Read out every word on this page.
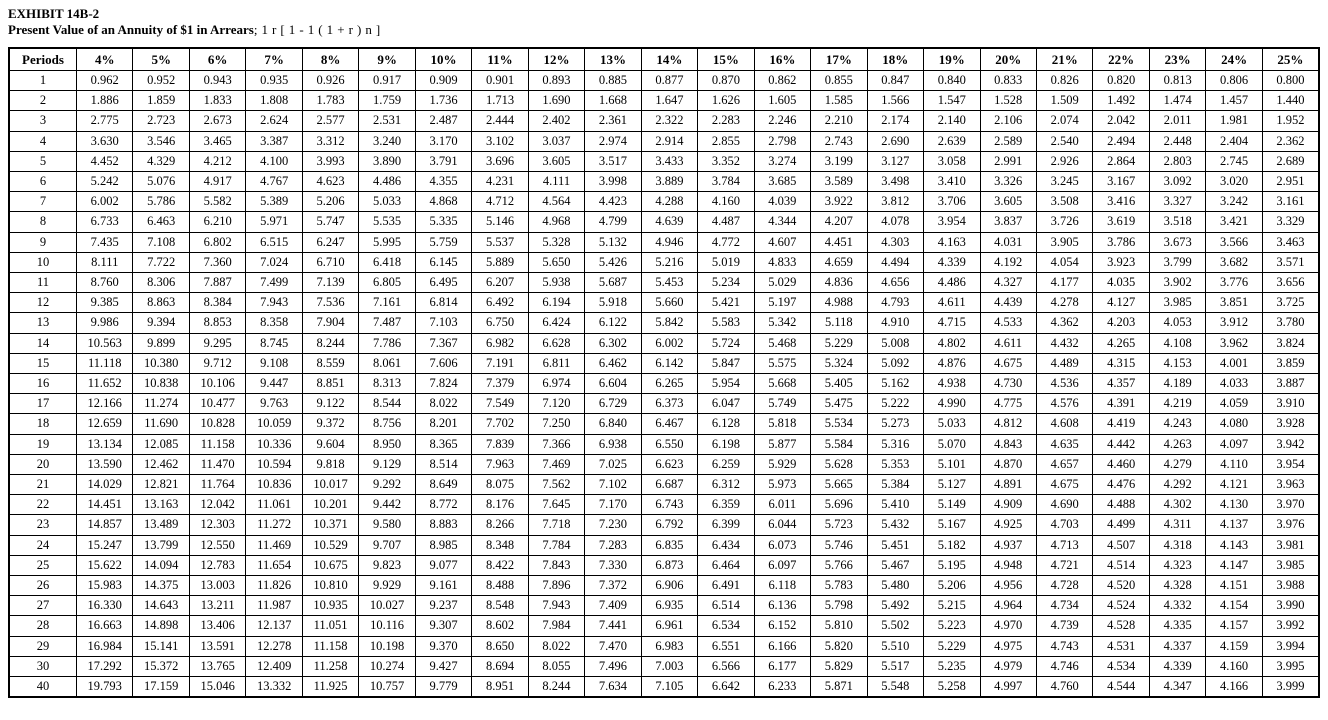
EXHIBIT 14B-2
Present Value of an Annuity of $1 in Arrears; 1 r [ 1 - 1 ( 1 + r ) n ]
Periods	4%	5%	6%	7%	8%	9%	10%	11%	12%	13%	14%	15%	16%	17%	18%	19%	20%	21%	22%	23%	24%	25%
1	0.962	0.952	0.943	0.935	0.926	0.917	0.909	0.901	0.893	0.885	0.877	0.870	0.862	0.855	0.847	0.840	0.833	0.826	0.820	0.813	0.806	0.800
2	1.886	1.859	1.833	1.808	1.783	1.759	1.736	1.713	1.690	1.668	1.647	1.626	1.605	1.585	1.566	1.547	1.528	1.509	1.492	1.474	1.457	1.440
3	2.775	2.723	2.673	2.624	2.577	2.531	2.487	2.444	2.402	2.361	2.322	2.283	2.246	2.210	2.174	2.140	2.106	2.074	2.042	2.011	1.981	1.952
4	3.630	3.546	3.465	3.387	3.312	3.240	3.170	3.102	3.037	2.974	2.914	2.855	2.798	2.743	2.690	2.639	2.589	2.540	2.494	2.448	2.404	2.362
5	4.452	4.329	4.212	4.100	3.993	3.890	3.791	3.696	3.605	3.517	3.433	3.352	3.274	3.199	3.127	3.058	2.991	2.926	2.864	2.803	2.745	2.689
6	5.242	5.076	4.917	4.767	4.623	4.486	4.355	4.231	4.111	3.998	3.889	3.784	3.685	3.589	3.498	3.410	3.326	3.245	3.167	3.092	3.020	2.951
7	6.002	5.786	5.582	5.389	5.206	5.033	4.868	4.712	4.564	4.423	4.288	4.160	4.039	3.922	3.812	3.706	3.605	3.508	3.416	3.327	3.242	3.161
8	6.733	6.463	6.210	5.971	5.747	5.535	5.335	5.146	4.968	4.799	4.639	4.487	4.344	4.207	4.078	3.954	3.837	3.726	3.619	3.518	3.421	3.329
9	7.435	7.108	6.802	6.515	6.247	5.995	5.759	5.537	5.328	5.132	4.946	4.772	4.607	4.451	4.303	4.163	4.031	3.905	3.786	3.673	3.566	3.463
10	8.111	7.722	7.360	7.024	6.710	6.418	6.145	5.889	5.650	5.426	5.216	5.019	4.833	4.659	4.494	4.339	4.192	4.054	3.923	3.799	3.682	3.571
11	8.760	8.306	7.887	7.499	7.139	6.805	6.495	6.207	5.938	5.687	5.453	5.234	5.029	4.836	4.656	4.486	4.327	4.177	4.035	3.902	3.776	3.656
12	9.385	8.863	8.384	7.943	7.536	7.161	6.814	6.492	6.194	5.918	5.660	5.421	5.197	4.988	4.793	4.611	4.439	4.278	4.127	3.985	3.851	3.725
13	9.986	9.394	8.853	8.358	7.904	7.487	7.103	6.750	6.424	6.122	5.842	5.583	5.342	5.118	4.910	4.715	4.533	4.362	4.203	4.053	3.912	3.780
14	10.563	9.899	9.295	8.745	8.244	7.786	7.367	6.982	6.628	6.302	6.002	5.724	5.468	5.229	5.008	4.802	4.611	4.432	4.265	4.108	3.962	3.824
15	11.118	10.380	9.712	9.108	8.559	8.061	7.606	7.191	6.811	6.462	6.142	5.847	5.575	5.324	5.092	4.876	4.675	4.489	4.315	4.153	4.001	3.859
16	11.652	10.838	10.106	9.447	8.851	8.313	7.824	7.379	6.974	6.604	6.265	5.954	5.668	5.405	5.162	4.938	4.730	4.536	4.357	4.189	4.033	3.887
17	12.166	11.274	10.477	9.763	9.122	8.544	8.022	7.549	7.120	6.729	6.373	6.047	5.749	5.475	5.222	4.990	4.775	4.576	4.391	4.219	4.059	3.910
18	12.659	11.690	10.828	10.059	9.372	8.756	8.201	7.702	7.250	6.840	6.467	6.128	5.818	5.534	5.273	5.033	4.812	4.608	4.419	4.243	4.080	3.928
19	13.134	12.085	11.158	10.336	9.604	8.950	8.365	7.839	7.366	6.938	6.550	6.198	5.877	5.584	5.316	5.070	4.843	4.635	4.442	4.263	4.097	3.942
20	13.590	12.462	11.470	10.594	9.818	9.129	8.514	7.963	7.469	7.025	6.623	6.259	5.929	5.628	5.353	5.101	4.870	4.657	4.460	4.279	4.110	3.954
21	14.029	12.821	11.764	10.836	10.017	9.292	8.649	8.075	7.562	7.102	6.687	6.312	5.973	5.665	5.384	5.127	4.891	4.675	4.476	4.292	4.121	3.963
22	14.451	13.163	12.042	11.061	10.201	9.442	8.772	8.176	7.645	7.170	6.743	6.359	6.011	5.696	5.410	5.149	4.909	4.690	4.488	4.302	4.130	3.970
23	14.857	13.489	12.303	11.272	10.371	9.580	8.883	8.266	7.718	7.230	6.792	6.399	6.044	5.723	5.432	5.167	4.925	4.703	4.499	4.311	4.137	3.976
24	15.247	13.799	12.550	11.469	10.529	9.707	8.985	8.348	7.784	7.283	6.835	6.434	6.073	5.746	5.451	5.182	4.937	4.713	4.507	4.318	4.143	3.981
25	15.622	14.094	12.783	11.654	10.675	9.823	9.077	8.422	7.843	7.330	6.873	6.464	6.097	5.766	5.467	5.195	4.948	4.721	4.514	4.323	4.147	3.985
26	15.983	14.375	13.003	11.826	10.810	9.929	9.161	8.488	7.896	7.372	6.906	6.491	6.118	5.783	5.480	5.206	4.956	4.728	4.520	4.328	4.151	3.988
27	16.330	14.643	13.211	11.987	10.935	10.027	9.237	8.548	7.943	7.409	6.935	6.514	6.136	5.798	5.492	5.215	4.964	4.734	4.524	4.332	4.154	3.990
28	16.663	14.898	13.406	12.137	11.051	10.116	9.307	8.602	7.984	7.441	6.961	6.534	6.152	5.810	5.502	5.223	4.970	4.739	4.528	4.335	4.157	3.992
29	16.984	15.141	13.591	12.278	11.158	10.198	9.370	8.650	8.022	7.470	6.983	6.551	6.166	5.820	5.510	5.229	4.975	4.743	4.531	4.337	4.159	3.994
30	17.292	15.372	13.765	12.409	11.258	10.274	9.427	8.694	8.055	7.496	7.003	6.566	6.177	5.829	5.517	5.235	4.979	4.746	4.534	4.339	4.160	3.995
40	19.793	17.159	15.046	13.332	11.925	10.757	9.779	8.951	8.244	7.634	7.105	6.642	6.233	5.871	5.548	5.258	4.997	4.760	4.544	4.347	4.166	3.999
